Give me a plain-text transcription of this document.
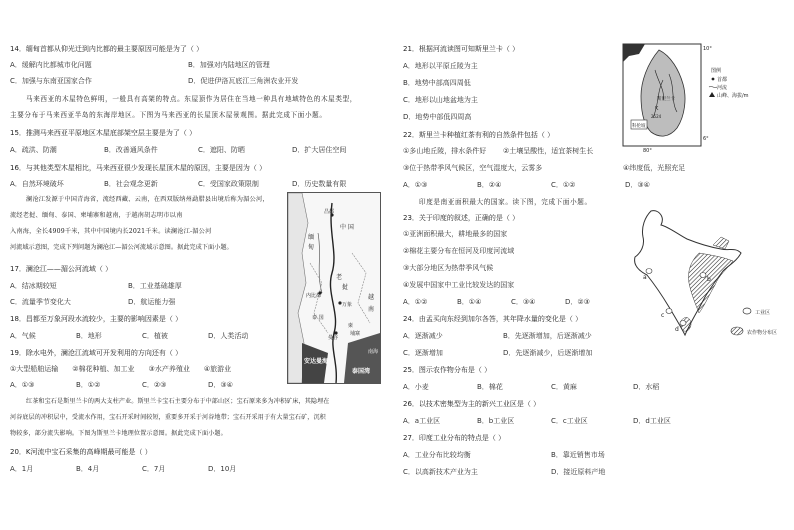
14．缅甸首都从仰光迁到内比都的最主要原因可能是为了（ ）
A．缓解内比都城市化问题	B．加强对内陆地区的管理
C．加强与东南亚国家合作	D．促进伊洛瓦底江三角洲农业开发
马来西亚的木屋特色鲜明，一般具有高架的特点。东屋顶作为居住在当地一种具有地域特色的木屋类型，
主要分布于马来西亚半岛的东海岸地区。下图为马来西亚的长屋顶木屋景观图。据此完成下面小题。
15．推测马来西亚平原地区木屋底部架空层主要是为了（ ）
A．疏洪、防潮	B．改善通风条件	C．遮阳、防晒	D．扩大居住空间
16．与其他类型木屋相比，马来西亚很少发现长屋顶木屋的原因，主要是因为（ ）
A．自然环境破坏	B．社会观念更新	C．受国家政策限制	D．历史数量有限
澜沧江发源于中国青海省，流经西藏、云南，在西双版纳州勐腊县出境后称为湄公河，
流经老挝、缅甸、泰国、柬埔寨和越南，于越南胡志明市以南
入南海，全长4909千米，其中中国境内长2021千米。读澜沧江-湄公河
河流域示意图，完成下列问题为澜沧江—湄公河流域示意图。据此完成下面小题。
17．澜沧江——湄公河流域（ ）
A．结冰期较短	B．工业基础雄厚
C．流量季节变化大	D．航运能力强
18．昌都至万象河段水流较少，主要的影响因素是（ ）
A．气候	B．地形	C．植被	D．人类活动
19．除水电外，澜沧江流域可开发利用的方向还有（ ）
①大型船舶运输　　②棉花种植、加工业　　③水产养殖业　　④旅游业
A．①③	B．①②	C．②③	D．③④
红茶和宝石是斯里兰卡的两大支柱产业。斯里兰卡宝石主要分布于中部山区；宝石原来多为冲积矿床，其隐埋在
河谷底层的冲积层中，受流水作用，宝石开采时间较短，重要多开采于河谷地带；宝石开采用于有大量宝石矿，沉积
物较多，部分流失影响。下图为斯里兰卡地理位置示意图。据此完成下面小题。
20．K河流中宝石采集的高峰期最可能是（ ）
A．1月	B．4月	C．7月	D．10月
昌都
中 国
缅
甸
内比都
老
挝
万象
泰 国
曼谷
柬
埔寨
越
南
安达曼海
泰国湾
南海
21．根据河流读图可知斯里兰卡（ ）
A．地形以平原丘陵为主
B．地势中部高四周低
C．地形以山地盆地为主
D．地势中部低四周高
22．斯里兰卡种植红茶有利的自然条件包括（ ）
①多山地丘陵，排水条件好 ②土壤呈酸性，适宜茶树生长
③位于热带季风气候区，空气湿度大，云雾多	④纬度低，光照充足
A．①③	B．②④	C．①②	D．③④
印度是南亚面积最大的国家。读下图，完成下面小题。
23．关于印度的叙述，正确的是（ ）
①亚洲面积最大，耕地最多的国家
②棉花主要分布在恒河及印度河流域
③大部分地区为热带季风气候
④发展中国家中工业比较发达的国家
A．①②	B．①④	C．③④	D．②③
24．由孟买向东经到加尔各答，其年降水量的变化是（ ）
A．逐渐减少	B．先逐渐增加，后逐渐减少
C．逐渐增加	D．先逐渐减少，后逐渐增加
25．图示农作物分布是（ ）
A．小麦	B．棉花	C．黄麻	D．水稻
26．以技术密集型为主的新兴工业区是（ ）
A．a工业区	B．b工业区	C．c工业区	D．d工业区
27．印度工业分布的特点是（ ）
A．工业分布比较均衡	B．靠近销售市场
C．以高新技术产业为主	D．接近原料产地
科伦坡
10°
6°
80°
K
斯里兰卡
2524
图例
首都
河流
山峰、海拔/m
a	b
c
d
工业区
农作物分布区
